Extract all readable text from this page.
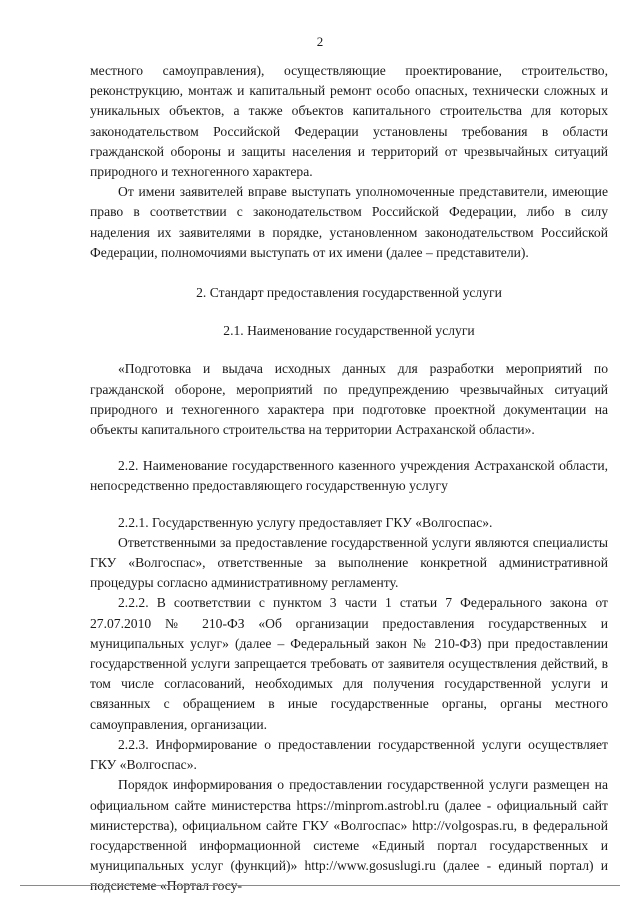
2

местного самоуправления), осуществляющие проектирование, строительство, реконструкцию, монтаж и капитальный ремонт особо опасных, технически сложных и уникальных объектов, а также объектов капитального строительства для которых законодательством Российской Федерации установлены требования в области гражданской обороны и защиты населения и территорий от чрезвычайных ситуаций природного и техногенного характера.

От имени заявителей вправе выступать уполномоченные представители, имеющие право в соответствии с законодательством Российской Федерации, либо в силу наделения их заявителями в порядке, установленном законодательством Российской Федерации, полномочиями выступать от их имени (далее – представители).

2. Стандарт предоставления государственной услуги

2.1. Наименование государственной услуги

«Подготовка и выдача исходных данных для разработки мероприятий по гражданской обороне, мероприятий по предупреждению чрезвычайных ситуаций природного и техногенного характера при подготовке проектной документации на объекты капитального строительства на территории Астраханской области».

2.2. Наименование государственного казенного учреждения Астраханской области, непосредственно предоставляющего государственную услугу

2.2.1. Государственную услугу предоставляет ГКУ «Волгоспас».

Ответственными за предоставление государственной услуги являются специалисты ГКУ «Волгоспас», ответственные за выполнение конкретной административной процедуры согласно административному регламенту.

2.2.2. В соответствии с пунктом 3 части 1 статьи 7 Федерального закона от 27.07.2010 № 210-ФЗ «Об организации предоставления государственных и муниципальных услуг» (далее – Федеральный закон № 210-ФЗ) при предоставлении государственной услуги запрещается требовать от заявителя осуществления действий, в том числе согласований, необходимых для получения государственной услуги и связанных с обращением в иные государственные органы, органы местного самоуправления, организации.

2.2.3. Информирование о предоставлении государственной услуги осуществляет ГКУ «Волгоспас».

Порядок информирования о предоставлении государственной услуги размещен на официальном сайте министерства https://minprom.astrobl.ru (далее - официальный сайт министерства), официальном сайте ГКУ «Волгоспас» http://volgospas.ru, в федеральной государственной информационной системе «Единый портал государственных и муниципальных услуг (функций)» http://www.gosuslugi.ru (далее - единый портал) и подсистеме «Портал госу-
